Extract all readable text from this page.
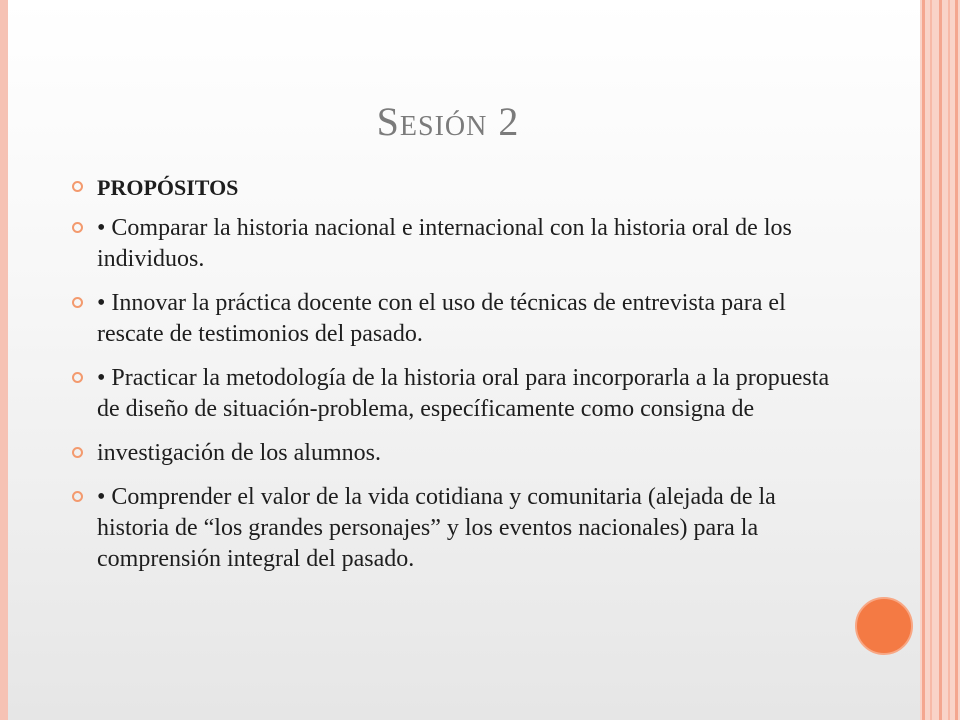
Sesión 2
PROPÓSITOS
• Comparar la historia nacional e internacional con la historia oral de los individuos.
• Innovar la práctica docente con el uso de técnicas de entrevista para el rescate de testimonios del pasado.
• Practicar la metodología de la historia oral para incorporarla a la propuesta de diseño de situación-problema, específicamente como consigna de
investigación de los alumnos.
• Comprender el valor de la vida cotidiana y comunitaria (alejada de la historia de “los grandes personajes” y los eventos nacionales) para la comprensión integral del pasado.
